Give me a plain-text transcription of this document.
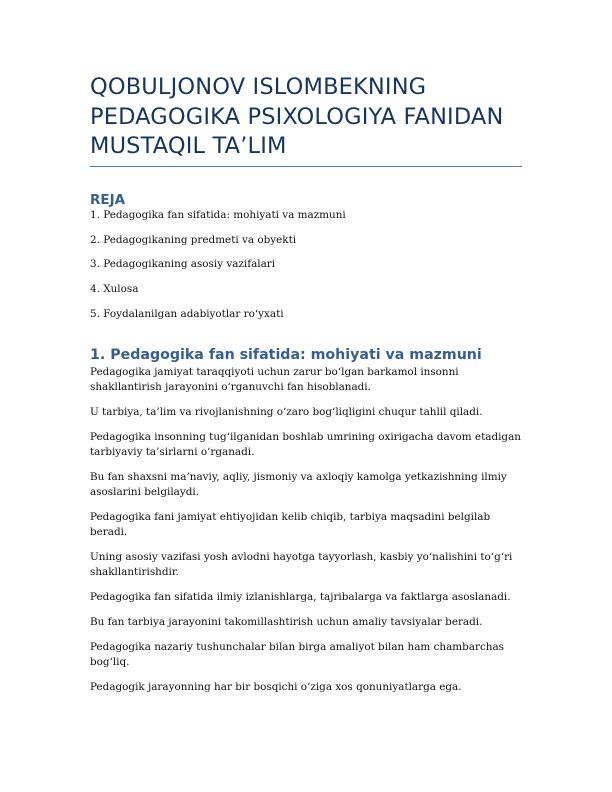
QOBULJONOV ISLOMBEKNING PEDAGOGIKA PSIXOLOGIYA FANIDAN MUSTAQIL TA’LIM
REJA
1. Pedagogika fan sifatida: mohiyati va mazmuni
2. Pedagogikaning predmeti va obyekti
3. Pedagogikaning asosiy vazifalari
4. Xulosa
5. Foydalanilgan adabiyotlar ro‘yxati
1. Pedagogika fan sifatida: mohiyati va mazmuni

Pedagogika jamiyat taraqqiyoti uchun zarur bo‘lgan barkamol insonni shakllantirish jarayonini o‘rganuvchi fan hisoblanadi.

U tarbiya, ta’lim va rivojlanishning o‘zaro bog‘liqligini chuqur tahlil qiladi.

Pedagogika insonning tug‘ilganidan boshlab umrining oxirigacha davom etadigan tarbiyaviy ta’sirlarni o‘rganadi.

Bu fan shaxsni ma’naviy, aqliy, jismoniy va axloqiy kamolga yetkazishning ilmiy asoslarini belgilaydi.

Pedagogika fani jamiyat ehtiyojidan kelib chiqib, tarbiya maqsadini belgilab beradi.

Uning asosiy vazifasi yosh avlodni hayotga tayyorlash, kasbiy yo‘nalishini to‘g‘ri shakllantirishdir.

Pedagogika fan sifatida ilmiy izlanishlarga, tajribalarga va faktlarga asoslanadi.

Bu fan tarbiya jarayonini takomillashtirish uchun amaliy tavsiyalar beradi.

Pedagogika nazariy tushunchalar bilan birga amaliyot bilan ham chambarchas bog‘liq.

Pedagogik jarayonning har bir bosqichi o‘ziga xos qonuniyatlarga ega.
